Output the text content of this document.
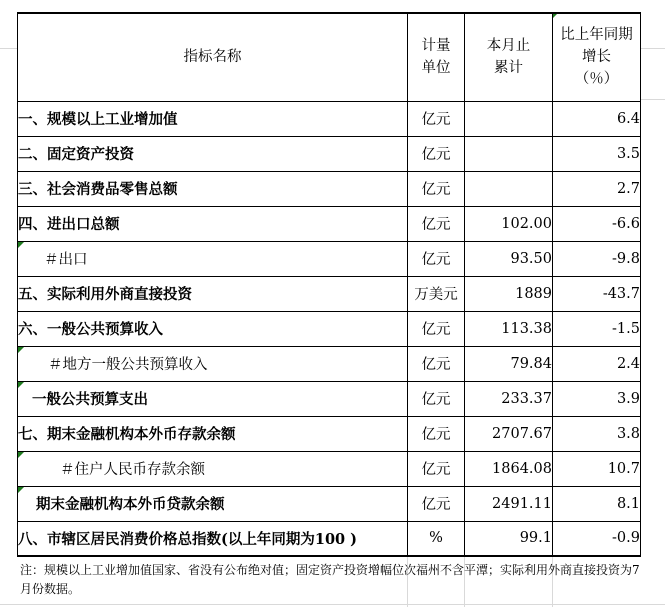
指标名称	计量单位	本月止累计	比上年同期
增长
（％）

一、规模以上工业增加值	亿元		6.4
二、固定资产投资	亿元		3.5
三、社会消费品零售总额	亿元		2.7
四、进出口总额	亿元	102.00	-6.6

＃出口	亿元	93.50	-9.8
五、实际利用外商直接投资	万美元	1889	-43.7
六、一般公共预算收入	亿元	113.38	-1.5

＃地方一般公共预算收入	亿元	79.84	2.4

一般公共预算支出	亿元	233.37	3.9
七、期末金融机构本外币存款余额	亿元	2707.67	3.8

＃住户人民币存款余额	亿元	1864.08	10.7

期末金融机构本外币贷款余额	亿元	2491.11	8.1
八、市辖区居民消费价格总指数(以上年同期为100 )	%	99.1	-0.9
注：规模以上工业增加值国家、省没有公布绝对值；固定资产投资增幅位次福州不含平潭；实际利用外商直接投资为7月份数据。
